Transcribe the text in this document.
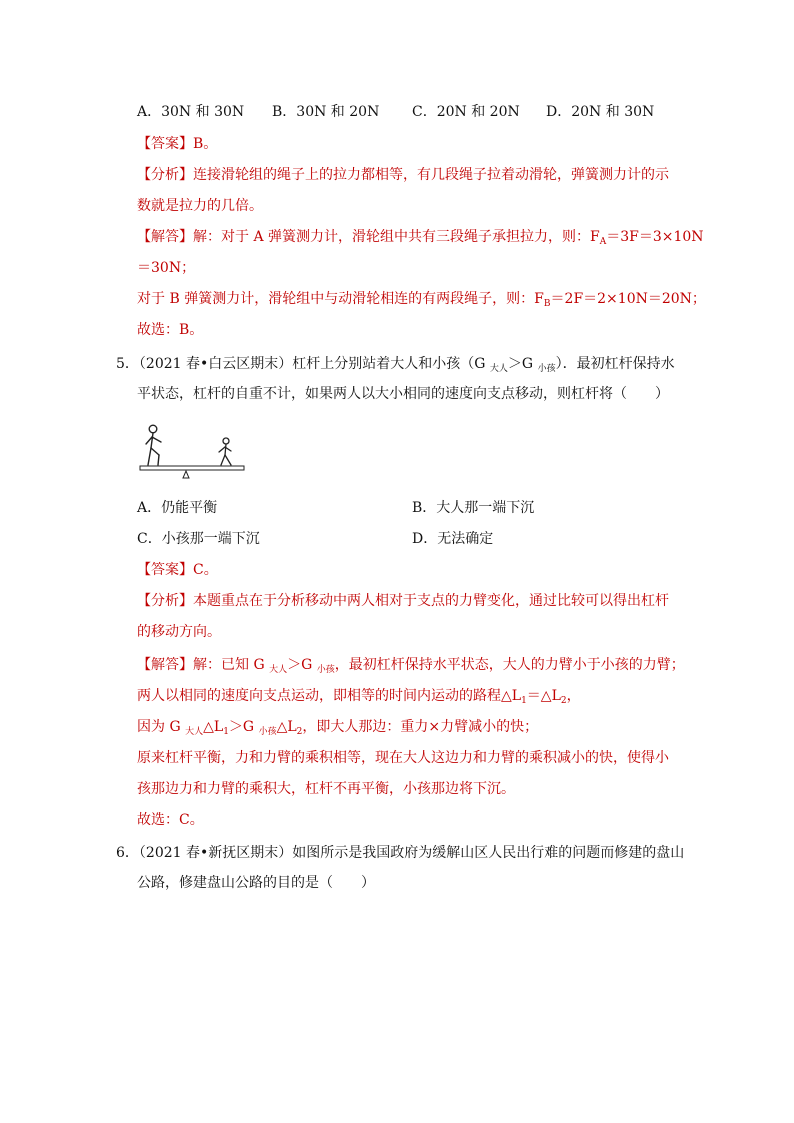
A．30N 和 30N B．30N 和 20N C．20N 和 20N D．20N 和 30N
【答案】B。
【分析】连接滑轮组的绳子上的拉力都相等，有几段绳子拉着动滑轮，弹簧测力计的示
数就是拉力的几倍。
【解答】解：对于 A 弹簧测力计，滑轮组中共有三段绳子承担拉力，则：$F_A=3F=3\times 10N$
＝30N；
对于 B 弹簧测力计，滑轮组中与动滑轮相连的有两段绳子，则：$F_B=2F=2\times 10N=20N$；
故选：B。
5．（2021 春•白云区期末）杠杆上分别站着大人和小孩（G $_{大人}$＞G $_{小孩}$）．最初杠杆保持水
平状态，杠杆的自重不计，如果两人以大小相同的速度向支点移动，则杠杆将（　　）
A．仍能平衡	B．大人那一端下沉
C．小孩那一端下沉	D．无法确定
【答案】C。
【分析】本题重点在于分析移动中两人相对于支点的力臂变化，通过比较可以得出杠杆
的移动方向。
【解答】解：已知 G $_{大人}$＞G $_{小孩}$，最初杠杆保持水平状态，大人的力臂小于小孩的力臂；
两人以相同的速度向支点运动，即相等的时间内运动的路程$\triangle L_1=\triangle L_2$，
因为 G $_{大人}\triangle L_1>G$ $_{小孩}\triangle L_2$，即大人那边：重力×力臂减小的快；
原来杠杆平衡，力和力臂的乘积相等，现在大人这边力和力臂的乘积减小的快，使得小
孩那边力和力臂的乘积大，杠杆不再平衡，小孩那边将下沉。
故选：C。
6．（2021 春•新抚区期末）如图所示是我国政府为缓解山区人民出行难的问题而修建的盘山
公路，修建盘山公路的目的是（　　）
